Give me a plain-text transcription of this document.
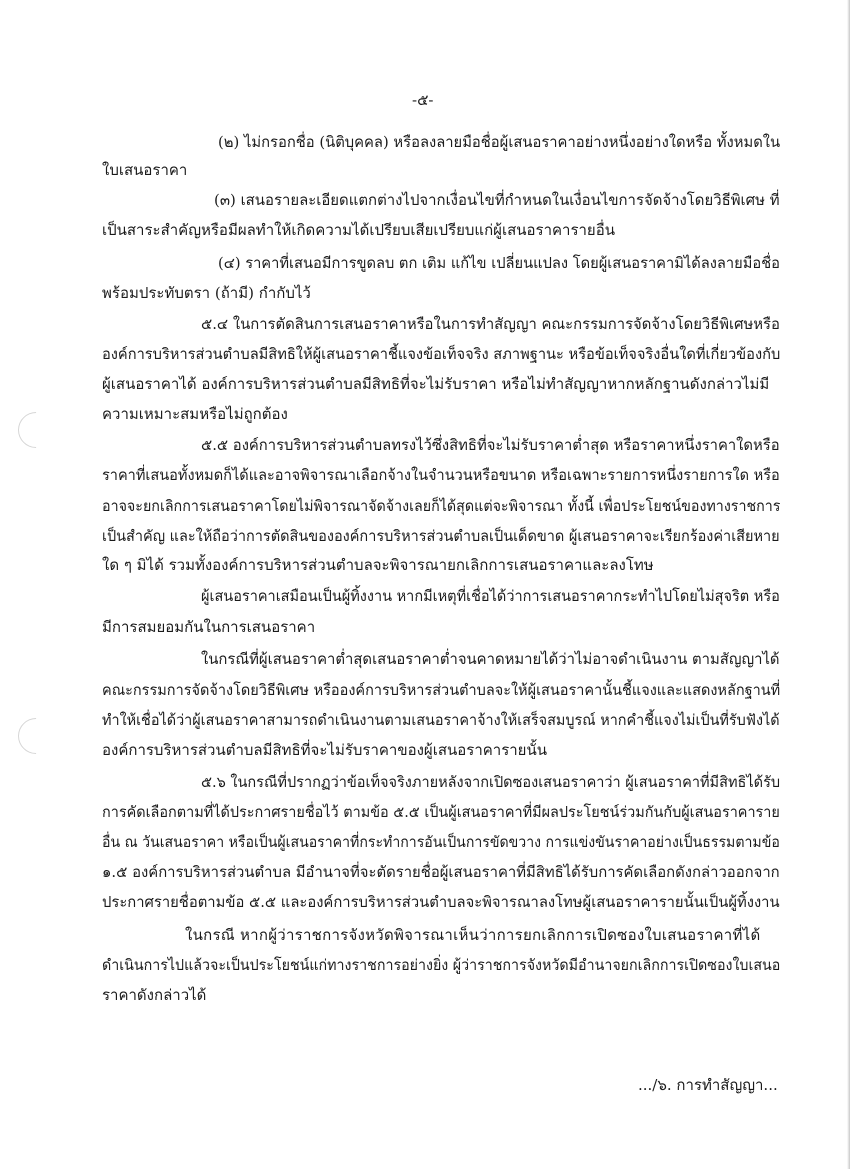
-๕-
(๒) ไม่กรอกชื่อ (นิติบุคคล) หรือลงลายมือชื่อผู้เสนอราคาอย่างหนึ่งอย่างใดหรือ ทั้งหมดใน
ใบเสนอราคา
(๓) เสนอรายละเอียดแตกต่างไปจากเงื่อนไขที่กำหนดในเงื่อนไขการจัดจ้างโดยวิธีพิเศษ ที่
เป็นสาระสำคัญหรือมีผลทำให้เกิดความได้เปรียบเสียเปรียบแก่ผู้เสนอราคารายอื่น
(๔) ราคาที่เสนอมีการขูดลบ ตก เติม แก้ไข เปลี่ยนแปลง โดยผู้เสนอราคามิได้ลงลายมือชื่อ
พร้อมประทับตรา (ถ้ามี) กำกับไว้
๕.๔ ในการตัดสินการเสนอราคาหรือในการทำสัญญา คณะกรรมการจัดจ้างโดยวิธีพิเศษหรือ
องค์การบริหารส่วนตำบลมีสิทธิให้ผู้เสนอราคาชี้แจงข้อเท็จจริง สภาพฐานะ หรือข้อเท็จจริงอื่นใดที่เกี่ยวข้องกับ
ผู้เสนอราคาได้ องค์การบริหารส่วนตำบลมีสิทธิที่จะไม่รับราคา หรือไม่ทำสัญญาหากหลักฐานดังกล่าวไม่มี
ความเหมาะสมหรือไม่ถูกต้อง
๕.๕ องค์การบริหารส่วนตำบลทรงไว้ซึ่งสิทธิที่จะไม่รับราคาต่ำสุด หรือราคาหนึ่งราคาใดหรือ
ราคาที่เสนอทั้งหมดก็ได้และอาจพิจารณาเลือกจ้างในจำนวนหรือขนาด หรือเฉพาะรายการหนึ่งรายการใด หรือ
อาจจะยกเลิกการเสนอราคาโดยไม่พิจารณาจัดจ้างเลยก็ได้สุดแต่จะพิจารณา ทั้งนี้ เพื่อประโยชน์ของทางราชการ
เป็นสำคัญ และให้ถือว่าการตัดสินขององค์การบริหารส่วนตำบลเป็นเด็ดขาด ผู้เสนอราคาจะเรียกร้องค่าเสียหาย
ใด ๆ มิได้ รวมทั้งองค์การบริหารส่วนตำบลจะพิจารณายกเลิกการเสนอราคาและลงโทษ
ผู้เสนอราคาเสมือนเป็นผู้ทิ้งงาน หากมีเหตุที่เชื่อได้ว่าการเสนอราคากระทำไปโดยไม่สุจริต หรือ
มีการสมยอมกันในการเสนอราคา
ในกรณีที่ผู้เสนอราคาต่ำสุดเสนอราคาต่ำจนคาดหมายได้ว่าไม่อาจดำเนินงาน ตามสัญญาได้
คณะกรรมการจัดจ้างโดยวิธีพิเศษ หรือองค์การบริหารส่วนตำบลจะให้ผู้เสนอราคานั้นชี้แจงและแสดงหลักฐานที่
ทำให้เชื่อได้ว่าผู้เสนอราคาสามารถดำเนินงานตามเสนอราคาจ้างให้เสร็จสมบูรณ์ หากคำชี้แจงไม่เป็นที่รับฟังได้
องค์การบริหารส่วนตำบลมีสิทธิที่จะไม่รับราคาของผู้เสนอราคารายนั้น
๕.๖ ในกรณีที่ปรากฏว่าข้อเท็จจริงภายหลังจากเปิดซองเสนอราคาว่า ผู้เสนอราคาที่มีสิทธิได้รับ
การคัดเลือกตามที่ได้ประกาศรายชื่อไว้ ตามข้อ ๕.๕ เป็นผู้เสนอราคาที่มีผลประโยชน์ร่วมกันกับผู้เสนอราคาราย
อื่น ณ วันเสนอราคา หรือเป็นผู้เสนอราคาที่กระทำการอันเป็นการขัดขวาง การแข่งขันราคาอย่างเป็นธรรมตามข้อ
๑.๕ องค์การบริหารส่วนตำบล มีอำนาจที่จะตัดรายชื่อผู้เสนอราคาที่มีสิทธิได้รับการคัดเลือกดังกล่าวออกจาก
ประกาศรายชื่อตามข้อ ๕.๕ และองค์การบริหารส่วนตำบลจะพิจารณาลงโทษผู้เสนอราคารายนั้นเป็นผู้ทิ้งงาน
ในกรณี หากผู้ว่าราชการจังหวัดพิจารณาเห็นว่าการยกเลิกการเปิดซองใบเสนอราคาที่ได้
ดำเนินการไปแล้วจะเป็นประโยชน์แก่ทางราชการอย่างยิ่ง ผู้ว่าราชการจังหวัดมีอำนาจยกเลิกการเปิดซองใบเสนอ
ราคาดังกล่าวได้
.../๖. การทำสัญญา...
